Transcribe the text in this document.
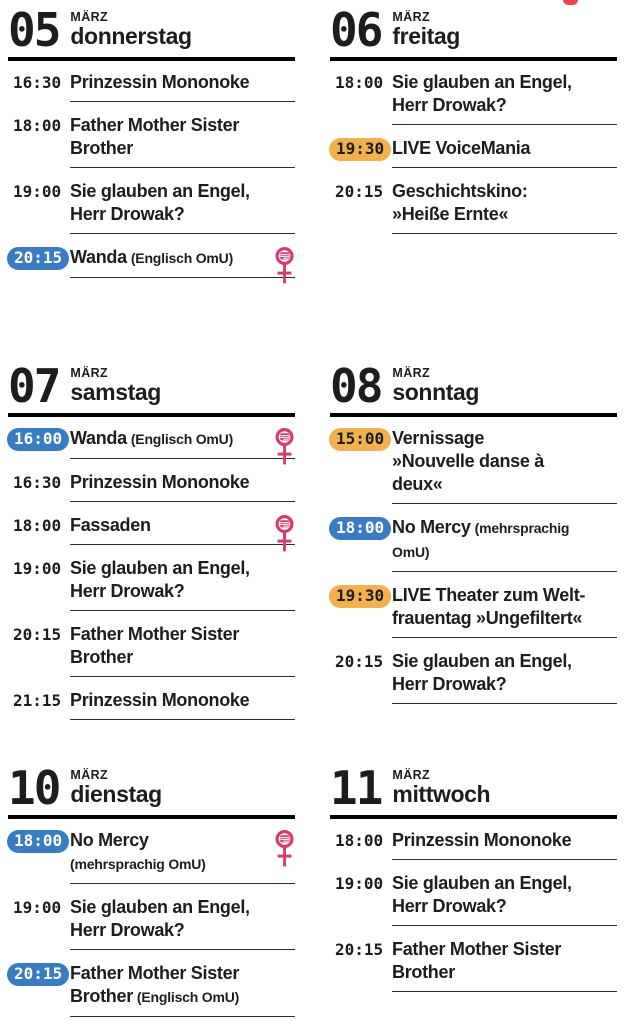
05 MÄRZ
donnerstag
16:30 Prinzessin Mononoke
18:00 Father Mother Sister
Brother
19:00 Sie glauben an Engel,
Herr Drowak?
20:15 Wanda (Englisch OmU)
06 MÄRZ
freitag
18:00 Sie glauben an Engel,
Herr Drowak?
19:30 LIVE VoiceMania
20:15 Geschichtskino:
»Heiße Ernte«
07 MÄRZ
samstag
16:00 Wanda (Englisch OmU)
16:30 Prinzessin Mononoke
18:00 Fassaden
19:00 Sie glauben an Engel,
Herr Drowak?
20:15 Father Mother Sister
Brother
21:15 Prinzessin Mononoke
08 MÄRZ
sonntag
15:00 Vernissage
»Nouvelle danse à deux«
18:00 No Mercy (mehrsprachig OmU)
19:30 LIVE Theater zum Welt-
frauentag »Ungefiltert«
20:15 Sie glauben an Engel,
Herr Drowak?
10 MÄRZ
dienstag
18:00 No Mercy
(mehrsprachig OmU)
19:00 Sie glauben an Engel,
Herr Drowak?
20:15 Father Mother Sister
Brother (Englisch OmU)
11 MÄRZ
mittwoch
18:00 Prinzessin Mononoke
19:00 Sie glauben an Engel,
Herr Drowak?
20:15 Father Mother Sister
Brother
